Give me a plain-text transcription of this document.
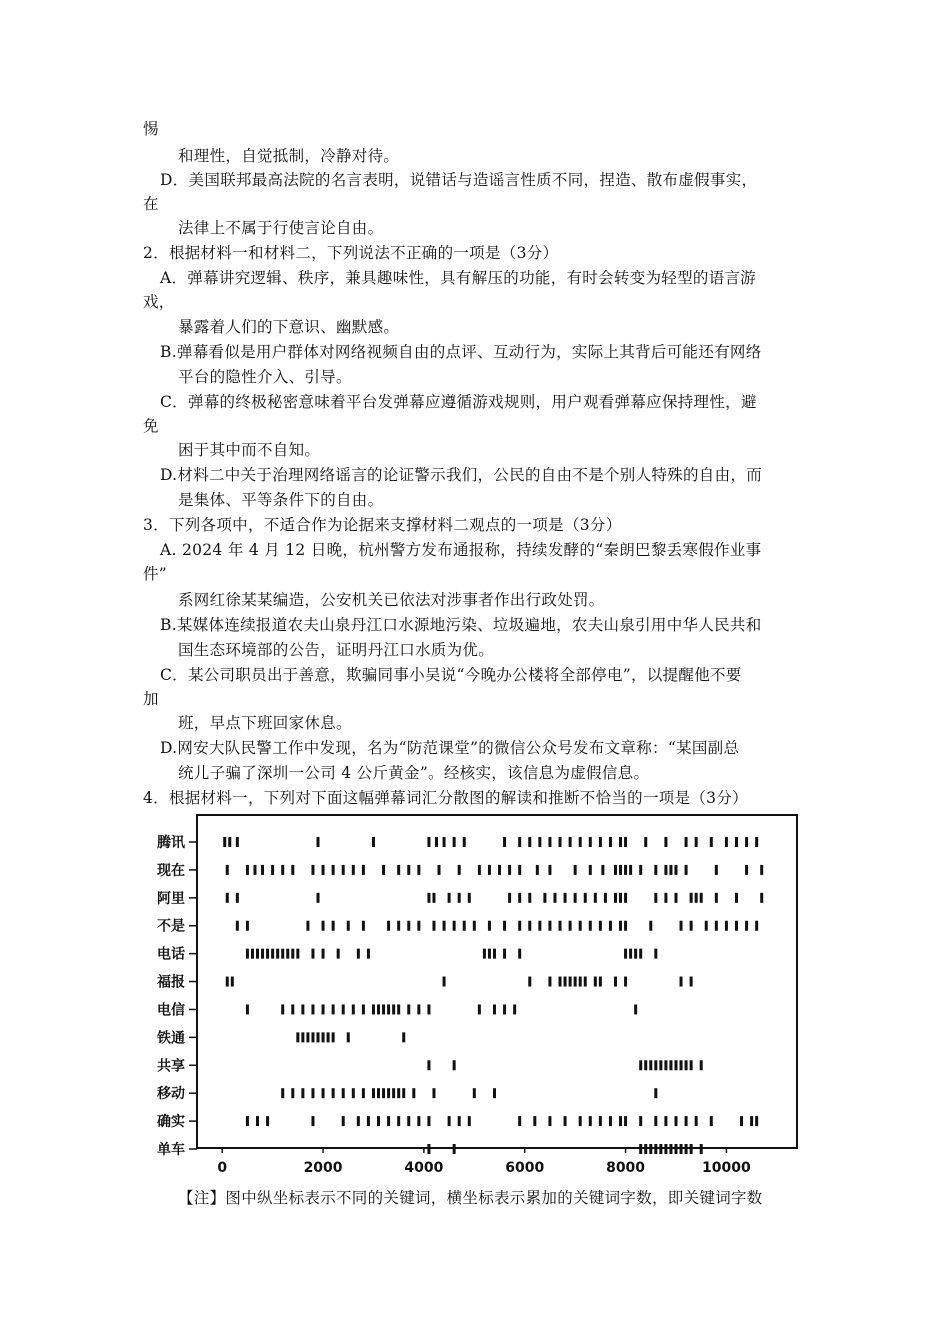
惕
和理性，自觉抵制，冷静对待。
D．美国联邦最高法院的名言表明，说错话与造谣言性质不同，捏造、散布虚假事实，
在
法律上不属于行使言论自由。
2．根据材料一和材料二，下列说法不正确的一项是（3分）
A．弹幕讲究逻辑、秩序，兼具趣味性，具有解压的功能，有时会转变为轻型的语言游
戏，
暴露着人们的下意识、幽默感。
B.弹幕看似是用户群体对网络视频自由的点评、互动行为，实际上其背后可能还有网络
平台的隐性介入、引导。
C．弹幕的终极秘密意味着平台发弹幕应遵循游戏规则，用户观看弹幕应保持理性，避
免
困于其中而不自知。
D.材料二中关于治理网络谣言的论证警示我们，公民的自由不是个别人特殊的自由，而
是集体、平等条件下的自由。
3．下列各项中，不适合作为论据来支撑材料二观点的一项是（3分）
A. 2024 年 4 月 12 日晚，杭州警方发布通报称，持续发酵的“秦朗巴黎丢寒假作业事
件”
系网红徐某某编造，公安机关已依法对涉事者作出行政处罚。
B.某媒体连续报道农夫山泉丹江口水源地污染、垃圾遍地，农夫山泉引用中华人民共和
国生态环境部的公告，证明丹江口水质为优。
C．某公司职员出于善意，欺骗同事小吴说“今晚办公楼将全部停电”，以提醒他不要
加
班，早点下班回家休息。
D.网安大队民警工作中发现，名为“防范课堂”的微信公众号发布文章称：“某国副总
统儿子骗了深圳一公司 4 公斤黄金”。经核实，该信息为虚假信息。
4．根据材料一，下列对下面这幅弹幕词汇分散图的解读和推断不恰当的一项是（3分）
腾讯
现在
阿里
不是
电话
福报
电信
铁通
共享
移动
确实
单车
0	2000	4000	6000	8000	10000
【注】图中纵坐标表示不同的关键词，横坐标表示累加的关键词字数，即关键词字数
